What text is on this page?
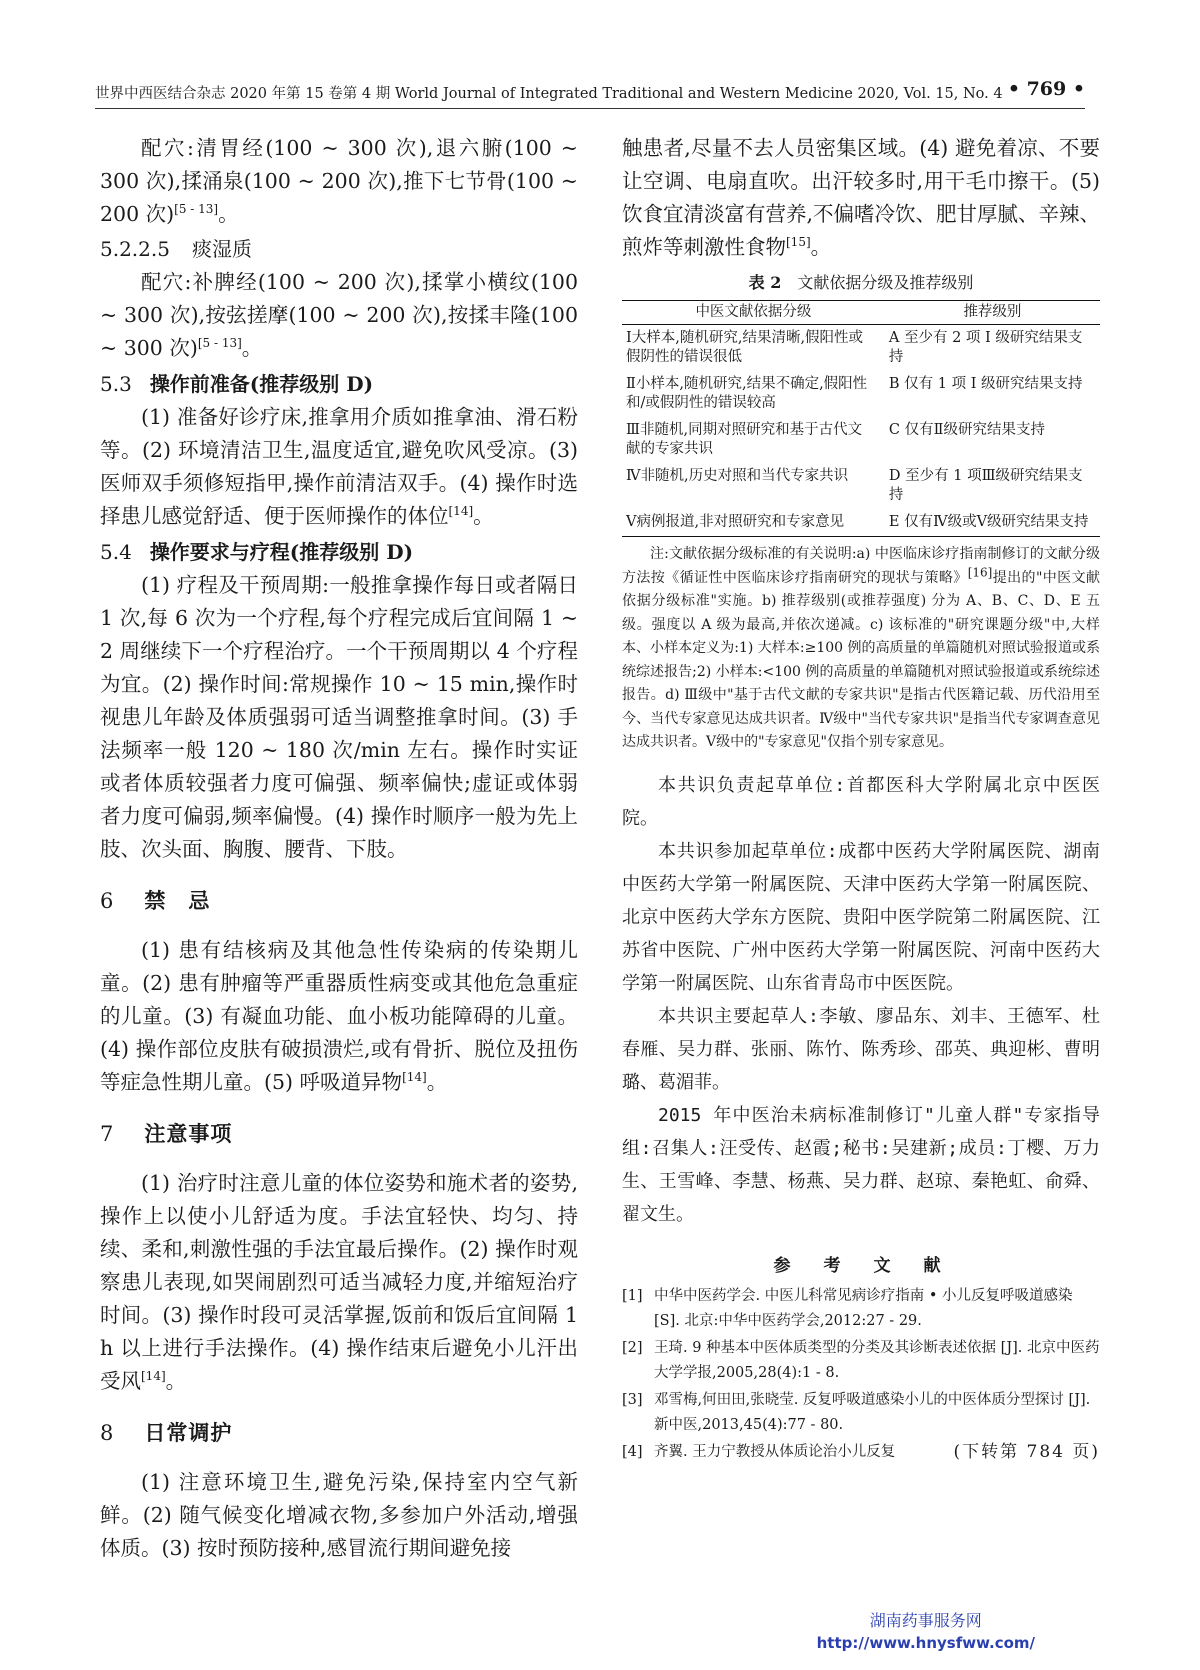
世界中西医结合杂志 2020 年第 15 卷第 4 期 World Journal of Integrated Traditional and Western Medicine 2020, Vol. 15, No. 4 • 769 •

配穴:清胃经(100 ~ 300 次),退六腑(100 ~ 300 次),揉涌泉(100 ~ 200 次),推下七节骨(100 ~ 200 次)[5 - 13]。

5.2.2.5 痰湿质

配穴:补脾经(100 ~ 200 次),揉掌小横纹(100 ~ 300 次),按弦搓摩(100 ~ 200 次),按揉丰隆(100 ~ 300 次)[5 - 13]。

5.3 操作前准备(推荐级别 D)

(1) 准备好诊疗床,推拿用介质如推拿油、滑石粉等。(2) 环境清洁卫生,温度适宜,避免吹风受凉。(3) 医师双手须修短指甲,操作前清洁双手。(4) 操作时选择患儿感觉舒适、便于医师操作的体位[14]。

5.4 操作要求与疗程(推荐级别 D)

(1) 疗程及干预周期:一般推拿操作每日或者隔日 1 次,每 6 次为一个疗程,每个疗程完成后宜间隔 1 ~ 2 周继续下一个疗程治疗。一个干预周期以 4 个疗程为宜。(2) 操作时间:常规操作 10 ~ 15 min,操作时视患儿年龄及体质强弱可适当调整推拿时间。(3) 手法频率一般 120 ~ 180 次/min 左右。操作时实证或者体质较强者力度可偏强、频率偏快;虚证或体弱者力度可偏弱,频率偏慢。(4) 操作时顺序一般为先上肢、次头面、胸腹、腰背、下肢。

6 禁　忌

(1) 患有结核病及其他急性传染病的传染期儿童。(2) 患有肿瘤等严重器质性病变或其他危急重症的儿童。(3) 有凝血功能、血小板功能障碍的儿童。(4) 操作部位皮肤有破损溃烂,或有骨折、脱位及扭伤等症急性期儿童。(5) 呼吸道异物[14]。

7 注意事项

(1) 治疗时注意儿童的体位姿势和施术者的姿势,操作上以使小儿舒适为度。手法宜轻快、均匀、持续、柔和,刺激性强的手法宜最后操作。(2) 操作时观察患儿表现,如哭闹剧烈可适当减轻力度,并缩短治疗时间。(3) 操作时段可灵活掌握,饭前和饭后宜间隔 1 h 以上进行手法操作。(4) 操作结束后避免小儿汗出受风[14]。

8 日常调护

(1) 注意环境卫生,避免污染,保持室内空气新鲜。(2) 随气候变化增减衣物,多参加户外活动,增强体质。(3) 按时预防接种,感冒流行期间避免接

触患者,尽量不去人员密集区域。(4) 避免着凉、不要让空调、电扇直吹。出汗较多时,用干毛巾擦干。(5) 饮食宜清淡富有营养,不偏嗜冷饮、肥甘厚腻、辛辣、煎炸等刺激性食物[15]。

表 2 文献依据分级及推荐级别
中医文献依据分级	推荐级别
Ⅰ大样本,随机研究,结果清晰,假阳性或假阴性的错误很低	A 至少有 2 项 I 级研究结果支持
Ⅱ小样本,随机研究,结果不确定,假阳性和/或假阴性的错误较高	B 仅有 1 项 I 级研究结果支持
Ⅲ非随机,同期对照研究和基于古代文献的专家共识	C 仅有Ⅱ级研究结果支持
Ⅳ非随机,历史对照和当代专家共识	D 至少有 1 项Ⅲ级研究结果支持
Ⅴ病例报道,非对照研究和专家意见	E 仅有Ⅳ级或Ⅴ级研究结果支持

注:文献依据分级标准的有关说明:a) 中医临床诊疗指南制修订的文献分级方法按《循证性中医临床诊疗指南研究的现状与策略》[16]提出的"中医文献依据分级标准"实施。b) 推荐级别(或推荐强度) 分为 A、B、C、D、E 五级。强度以 A 级为最高,并依次递减。c) 该标准的"研究课题分级"中,大样本、小样本定义为:1) 大样本:≥100 例的高质量的单篇随机对照试验报道或系统综述报告;2) 小样本:<100 例的高质量的单篇随机对照试验报道或系统综述报告。d) Ⅲ级中"基于古代文献的专家共识"是指古代医籍记载、历代沿用至今、当代专家意见达成共识者。Ⅳ级中"当代专家共识"是指当代专家调查意见达成共识者。Ⅴ级中的"专家意见"仅指个别专家意见。

本共识负责起草单位:首都医科大学附属北京中医医院。

本共识参加起草单位:成都中医药大学附属医院、湖南中医药大学第一附属医院、天津中医药大学第一附属医院、北京中医药大学东方医院、贵阳中医学院第二附属医院、江苏省中医院、广州中医药大学第一附属医院、河南中医药大学第一附属医院、山东省青岛市中医医院。

本共识主要起草人:李敏、廖品东、刘丰、王德军、杜春雁、吴力群、张丽、陈竹、陈秀珍、邵英、典迎彬、曹明璐、葛湄菲。

2015 年中医治未病标准制修订"儿童人群"专家指导组:召集人:汪受传、赵霞;秘书:吴建新;成员:丁樱、万力生、王雪峰、李慧、杨燕、吴力群、赵琼、秦艳虹、俞舜、翟文生。

参　考　文　献
[1] 中华中医药学会. 中医儿科常见病诊疗指南 • 小儿反复呼吸道感染 [S]. 北京:中华中医药学会,2012:27 - 29.
[2] 王琦. 9 种基本中医体质类型的分类及其诊断表述依据 [J]. 北京中医药大学学报,2005,28(4):1 - 8.
[3] 邓雪梅,何田田,张晓莹. 反复呼吸道感染小儿的中医体质分型探讨 [J]. 新中医,2013,45(4):77 - 80.
[4] 齐翼. 王力宁教授从体质论治小儿反复	(下转第 784 页)
湖南药事服务网
http://www.hnysfww.com/
